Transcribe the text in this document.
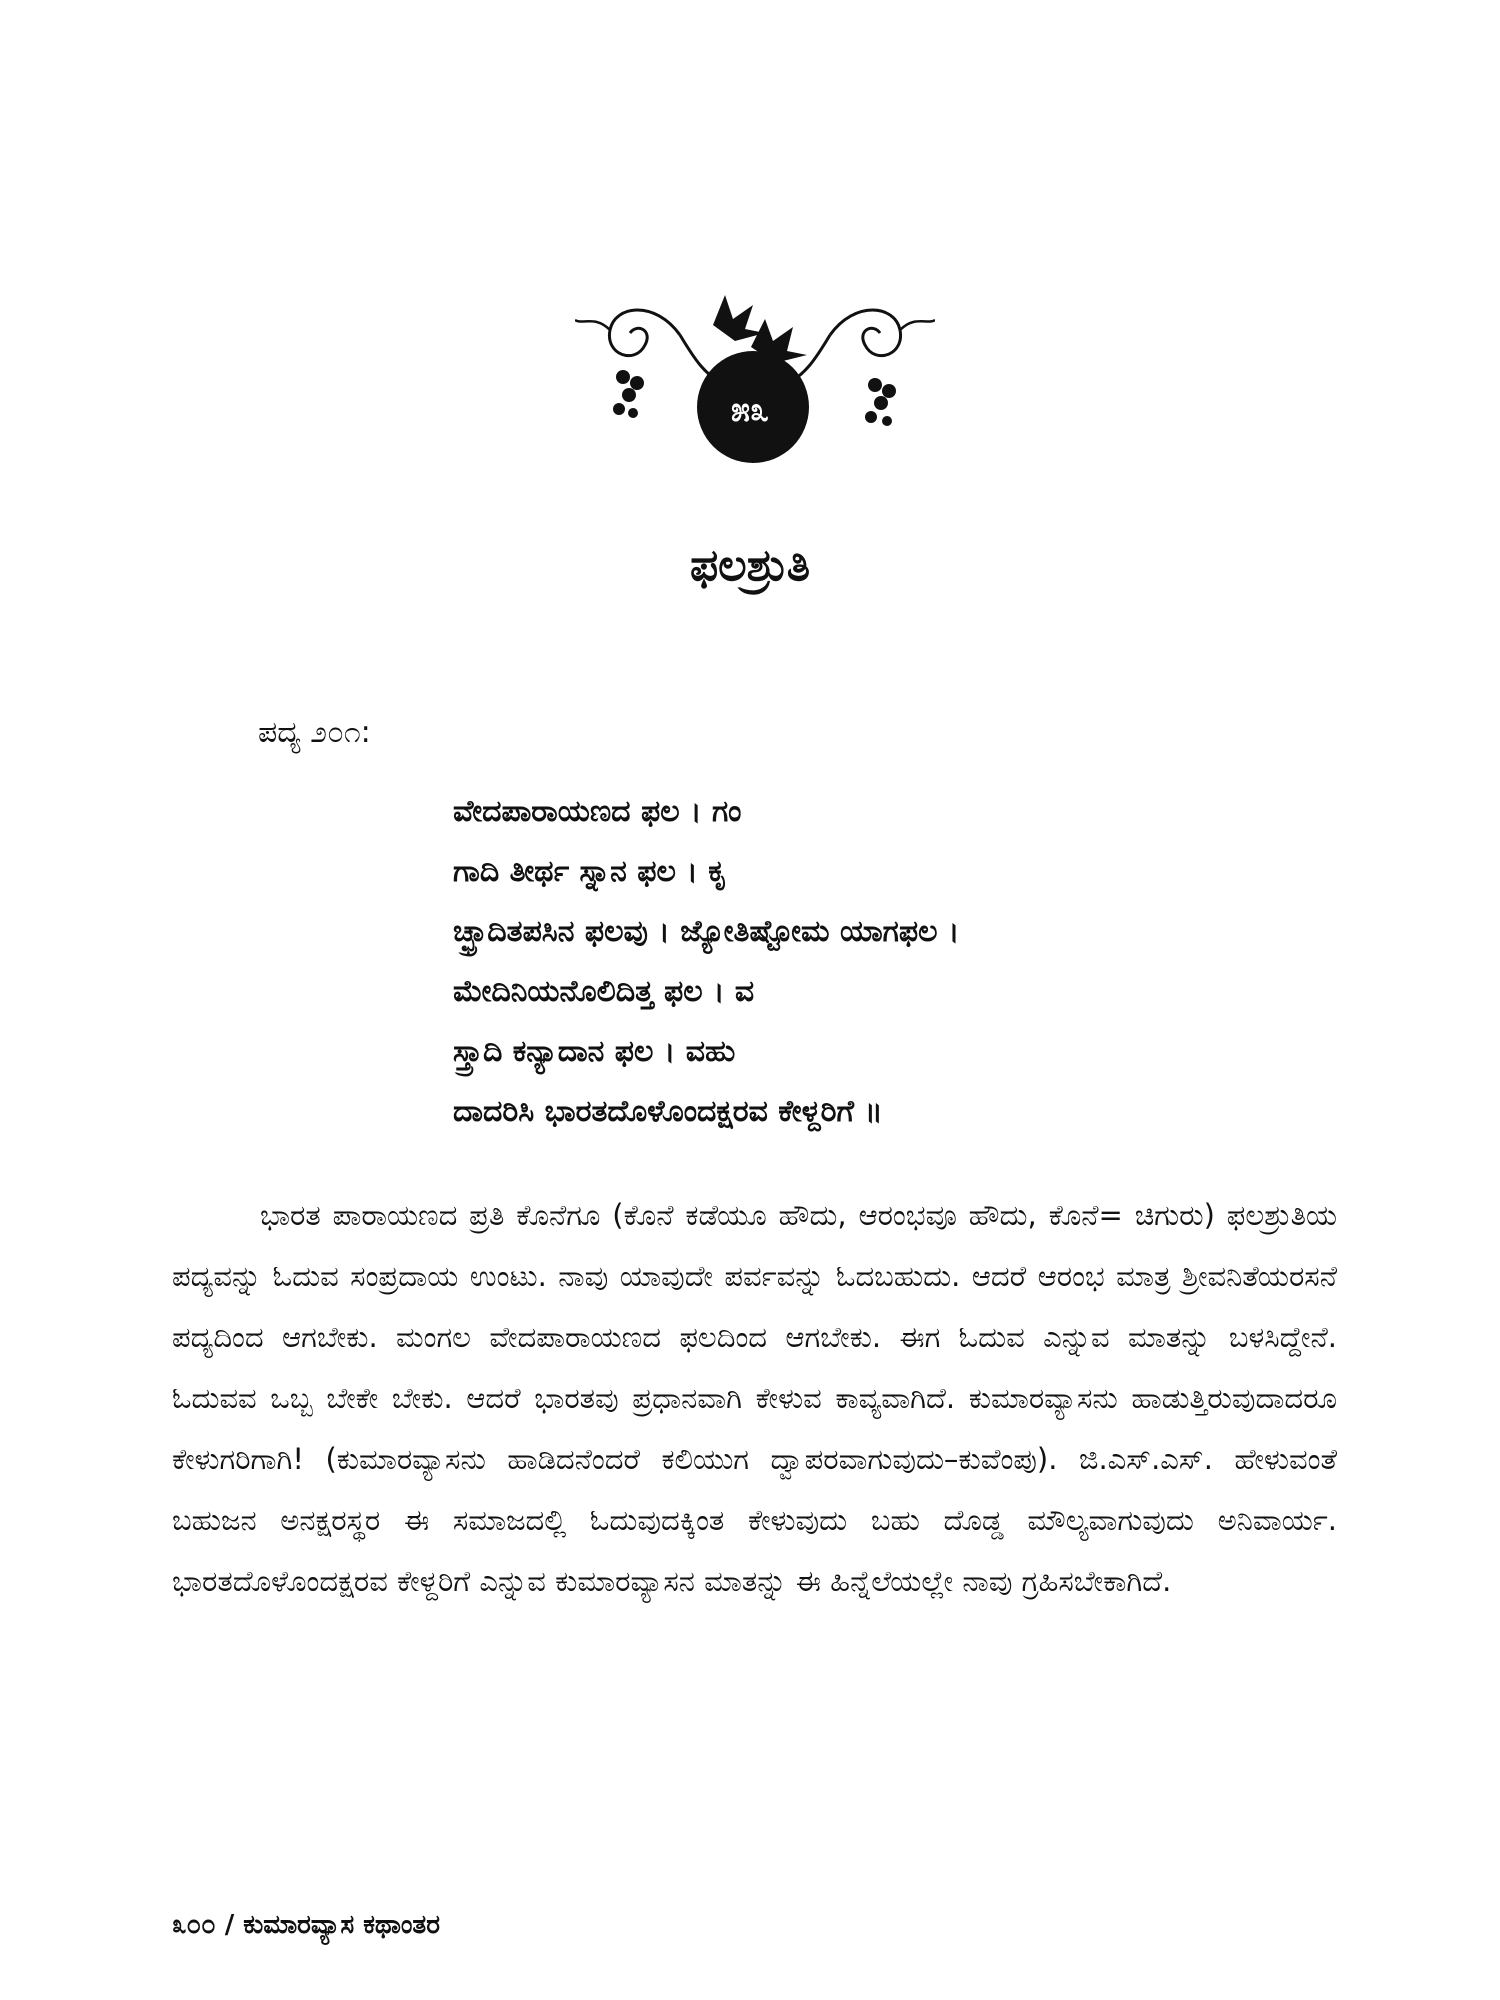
೫೩
ಫಲಶ್ರುತಿ
ಪದ್ಯ ೨೦೧:
ವೇದಪಾರಾಯಣದ ಫಲ । ಗಂ
ಗಾದಿ ತೀರ್ಥ ಸ್ನಾನ ಫಲ । ಕೃ
ಚ್ಛ್ರಾದಿತಪಸಿನ ಫಲವು । ಜ್ಯೋತಿಷ್ಟೋಮ ಯಾಗಫಲ ।
ಮೇದಿನಿಯನೊಲಿದಿತ್ತ ಫಲ । ವ
ಸ್ತ್ರಾದಿ ಕನ್ಯಾದಾನ ಫಲ । ವಹು
ದಾದರಿಸಿ ಭಾರತದೊಳೊಂದಕ್ಷರವ ಕೇಳ್ದರಿಗೆ ॥

ಭಾರತ ಪಾರಾಯಣದ ಪ್ರತಿ ಕೊನೆಗೂ (ಕೊನೆ ಕಡೆಯೂ ಹೌದು, ಆರಂಭವೂ ಹೌದು, ಕೊನೆ= ಚಿಗುರು) ಫಲಶ್ರುತಿಯ ಪದ್ಯವನ್ನು ಓದುವ ಸಂಪ್ರದಾಯ ಉಂಟು. ನಾವು ಯಾವುದೇ ಪರ್ವವನ್ನು ಓದಬಹುದು. ಆದರೆ ಆರಂಭ ಮಾತ್ರ ಶ್ರೀವನಿತೆಯರಸನೆ ಪದ್ಯದಿಂದ ಆಗಬೇಕು. ಮಂಗಲ ವೇದಪಾರಾಯಣದ ಫಲದಿಂದ ಆಗಬೇಕು. ಈಗ ಓದುವ ಎನ್ನುವ ಮಾತನ್ನು ಬಳಸಿದ್ದೇನೆ. ಓದುವವ ಒಬ್ಬ ಬೇಕೇ ಬೇಕು. ಆದರೆ ಭಾರತವು ಪ್ರಧಾನವಾಗಿ ಕೇಳುವ ಕಾವ್ಯವಾಗಿದೆ. ಕುಮಾರವ್ಯಾಸನು ಹಾಡುತ್ತಿರುವುದಾದರೂ ಕೇಳುಗರಿಗಾಗಿ! (ಕುಮಾರವ್ಯಾಸನು ಹಾಡಿದನೆಂದರೆ ಕಲಿಯುಗ ದ್ವಾಪರವಾಗುವುದು–ಕುವೆಂಪು). ಜಿ.ಎಸ್.ಎಸ್. ಹೇಳುವಂತೆ ಬಹುಜನ ಅನಕ್ಷರಸ್ಥರ ಈ ಸಮಾಜದಲ್ಲಿ ಓದುವುದಕ್ಕಿಂತ ಕೇಳುವುದು ಬಹು ದೊಡ್ಡ ಮೌಲ್ಯವಾಗುವುದು ಅನಿವಾರ್ಯ. ಭಾರತದೊಳೊಂದಕ್ಷರವ ಕೇಳ್ದರಿಗೆ ಎನ್ನುವ ಕುಮಾರವ್ಯಾಸನ ಮಾತನ್ನು ಈ ಹಿನ್ನೆಲೆಯಲ್ಲೇ ನಾವು ಗ್ರಹಿಸಬೇಕಾಗಿದೆ.

೩೦೦ / ಕುಮಾರವ್ಯಾಸ ಕಥಾಂತರ
